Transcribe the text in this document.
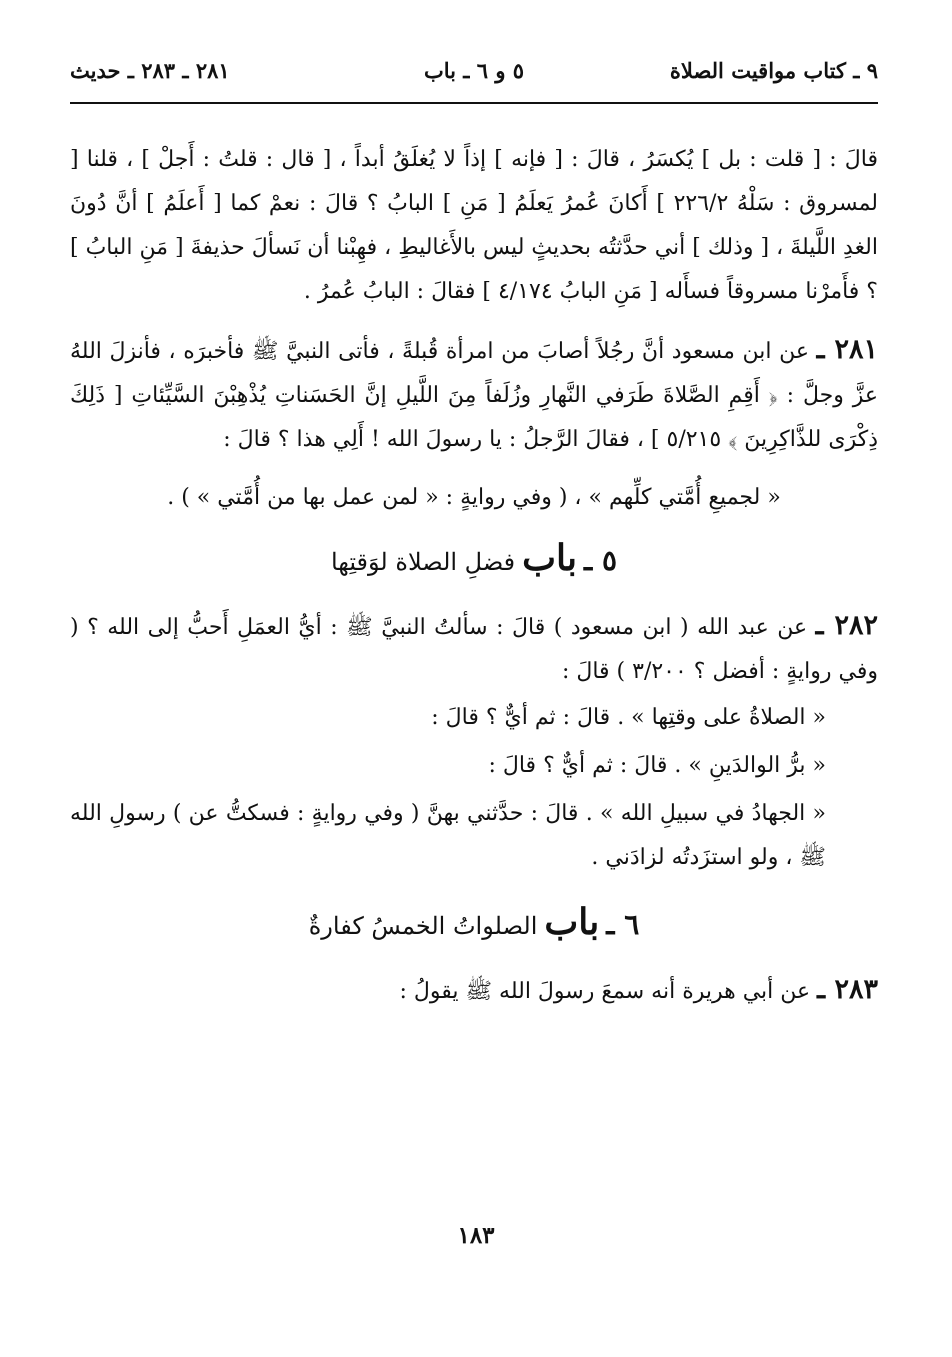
٩ ـ كتاب مواقيت الصلاة
٥ و ٦ ـ باب
٢٨١ ـ ٢٨٣ ـ حديث

قالَ : [ قلت : بل ] يُكسَرُ ، قالَ : [ فإنه ] إذاً لا يُغلَقُ أبداً ، [ قال : قلتُ : أَجلْ ] ، قلنا [ لمسروق : سَلْهُ ٢٢٦/٢ ] أَكانَ عُمرُ يَعلَمُ [ مَنِ ] البابُ ؟ قالَ : نعمْ كما [ أَعلَمُ ] أنَّ دُونَ الغدِ اللَّيلةَ ، [ وذلك ] أني حدَّثتُه بحديثٍ ليس بالأَغاليطِ ، فهِبْنا أن نَسألَ حذيفةَ [ مَنِ البابُ ] ؟ فأَمرْنا مسروقاً فسأَله [ مَنِ البابُ ٤/١٧٤ ] فقالَ : البابُ عُمرُ .

٢٨١ ـ عن ابن مسعود أنَّ رجُلاً أصابَ من امرأة قُبلةً ، فأتى النبيَّ ﷺ فأخبرَه ، فأنزلَ اللهُ عزَّ وجلَّ : ﴿ أَقِمِ الصَّلاةَ طَرَفي النَّهارِ وزُلَفاً مِنَ اللَّيلِ إنَّ الحَسَناتِ يُذْهِبْنَ السَّيِّئاتِ [ ذَلِكَ ذِكْرَى للذَّاكِرِينَ ﴾ ٥/٢١٥ ] ، فقالَ الرَّجلُ : يا رسولَ الله ! أَلِي هذا ؟ قالَ :

« لجميعِ أُمَّتي كلِّهم » ، ( وفي روايةٍ : « لمن عمل بها من أُمَّتي » ) .

٥ ـ باب فضلِ الصلاة لوَقتِها

٢٨٢ ـ عن عبد الله ( ابن مسعود ) قالَ : سألتُ النبيَّ ﷺ : أيُّ العمَلِ أَحبُّ إلى الله ؟ ( وفي روايةٍ : أفضل ؟ ٣/٢٠٠ ) قالَ :

« الصلاةُ على وقتِها » . قالَ : ثم أيٌّ ؟ قالَ :

« برُّ الوالدَينِ » . قالَ : ثم أيٌّ ؟ قالَ :

« الجهادُ في سبيلِ الله » . قالَ : حدَّثني بهنَّ ( وفي روايةٍ : فسكتُّ عن ) رسولِ الله ﷺ ، ولو استزَدتُه لزادَني .

٦ ـ باب الصلواتُ الخمسُ كفارةٌ

٢٨٣ ـ عن أبي هريرة أنه سمعَ رسولَ الله ﷺ يقولُ :

١٨٣
